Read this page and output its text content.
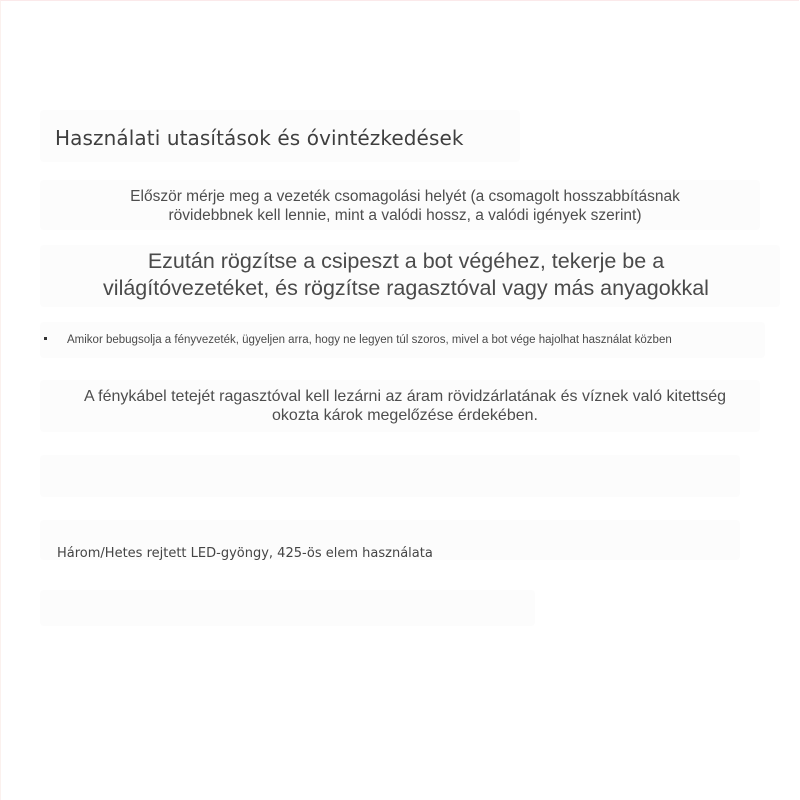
Használati utasítások és óvintézkedések
Először mérje meg a vezeték csomagolási helyét (a csomagolt hosszabbításnak
rövidebbnek kell lennie, mint a valódi hossz, a valódi igények szerint)
Ezután rögzítse a csipeszt a bot végéhez, tekerje be a
világítóvezetéket, és rögzítse ragasztóval vagy más anyagokkal
Amikor bebugsolja a fényvezeték, ügyeljen arra, hogy ne legyen túl szoros, mivel a bot vége hajolhat használat közben
A fénykábel tetejét ragasztóval kell lezárni az áram rövidzárlatának és víznek való kitettség
okozta károk megelőzése érdekében.
Három/Hetes rejtett LED-gyöngy, 425-ös elem használata
